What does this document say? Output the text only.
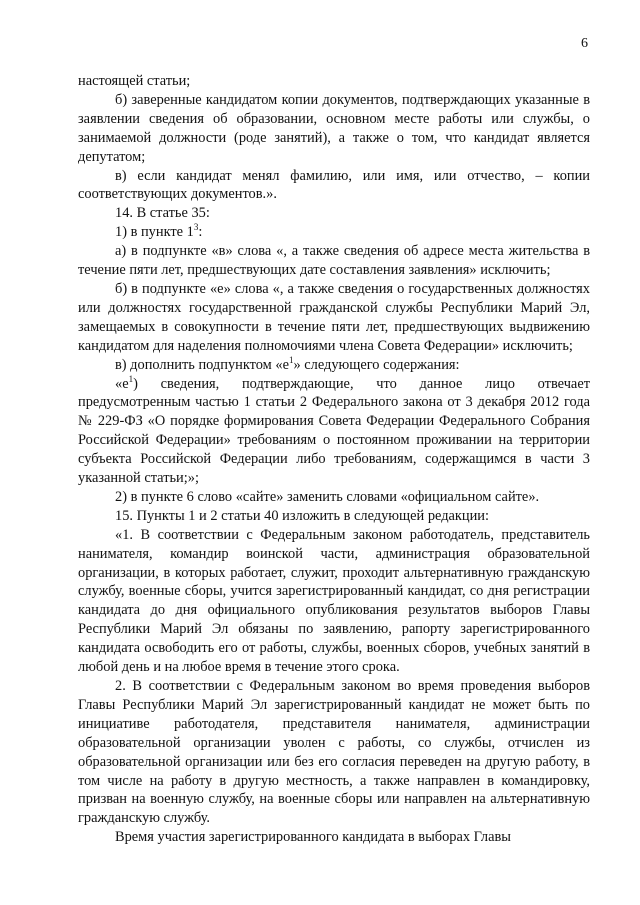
6

настоящей статьи;

б) заверенные кандидатом копии документов, подтверждающих указанные в заявлении сведения об образовании, основном месте работы или службы, о занимаемой должности (роде занятий), а также о том, что кандидат является депутатом;

в) если кандидат менял фамилию, или имя, или отчество, – копии соответствующих документов.».

14. В статье 35:

1) в пункте $1^3$:

а) в подпункте «в» слова «, а также сведения об адресе места жительства в течение пяти лет, предшествующих дате составления заявления» исключить;

б) в подпункте «е» слова «, а также сведения о государственных должностях или должностях государственной гражданской службы Республики Марий Эл, замещаемых в совокупности в течение пяти лет, предшествующих выдвижению кандидатом для наделения полномочиями члена Совета Федерации» исключить;

в) дополнить подпунктом «$е^1$» следующего содержания:

«$е^1$) сведения, подтверждающие, что данное лицо отвечает предусмотренным частью 1 статьи 2 Федерального закона от 3 декабря 2012 года № 229-ФЗ «О порядке формирования Совета Федерации Федерального Собрания Российской Федерации» требованиям о постоянном проживании на территории субъекта Российской Федерации либо требованиям, содержащимся в части 3 указанной статьи;»;

2) в пункте 6 слово «сайте» заменить словами «официальном сайте».

15. Пункты 1 и 2 статьи 40 изложить в следующей редакции:

«1. В соответствии с Федеральным законом работодатель, представитель нанимателя, командир воинской части, администрация образовательной организации, в которых работает, служит, проходит альтернативную гражданскую службу, военные сборы, учится зарегистрированный кандидат, со дня регистрации кандидата до дня официального опубликования результатов выборов Главы Республики Марий Эл обязаны по заявлению, рапорту зарегистрированного кандидата освободить его от работы, службы, военных сборов, учебных занятий в любой день и на любое время в течение этого срока.

2. В соответствии с Федеральным законом во время проведения выборов Главы Республики Марий Эл зарегистрированный кандидат не может быть по инициативе работодателя, представителя нанимателя, администрации образовательной организации уволен с работы, со службы, отчислен из образовательной организации или без его согласия переведен на другую работу, в том числе на работу в другую местность, а также направлен в командировку, призван на военную службу, на военные сборы или направлен на альтернативную гражданскую службу.

Время участия зарегистрированного кандидата в выборах Главы
